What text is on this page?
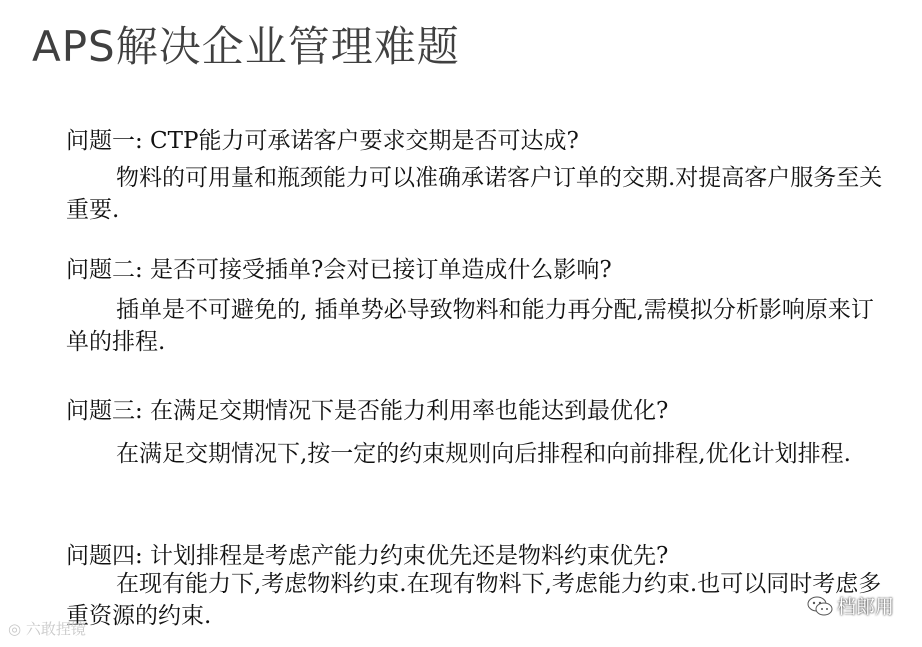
APS解决企业管理难题
问题一: CTP能力可承诺客户要求交期是否可达成?
物料的可用量和瓶颈能力可以准确承诺客户订单的交期.对提高客户服务至关重要.
问题二: 是否可接受插单?会对已接订单造成什么影响?
插单是不可避免的, 插单势必导致物料和能力再分配,需模拟分析影响原来订单的排程.
问题三: 在满足交期情况下是否能力利用率也能达到最优化?
在满足交期情况下,按一定的约束规则向后排程和向前排程,优化计划排程.
问题四: 计划排程是考虑产能力约束优先还是物料约束优先?
在现有能力下,考虑物料约束.在现有物料下,考虑能力约束.也可以同时考虑多重资源的约束.
◎ 六敢捏镜
档郎用
